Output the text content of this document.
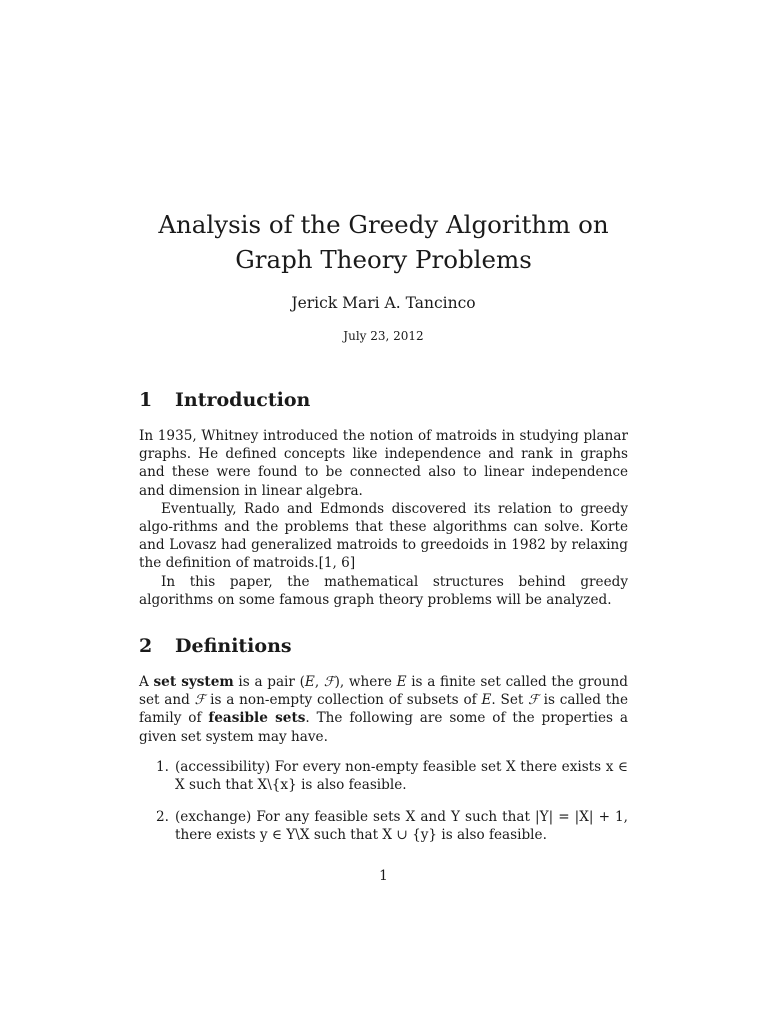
Analysis of the Greedy Algorithm on
Graph Theory Problems
Jerick Mari A. Tancinco
July 23, 2012
1 Introduction

In 1935, Whitney introduced the notion of matroids in studying planar graphs. He defined concepts like independence and rank in graphs and these were found to be connected also to linear independence and dimension in linear algebra.

Eventually, Rado and Edmonds discovered its relation to greedy algo-rithms and the problems that these algorithms can solve. Korte and Lovasz had generalized matroids to greedoids in 1982 by relaxing the definition of matroids.[1, 6]

In this paper, the mathematical structures behind greedy algorithms on some famous graph theory problems will be analyzed.

2 Definitions

A set system is a pair (E, ℱ), where E is a finite set called the ground set and ℱ is a non-empty collection of subsets of E. Set ℱ is called the family of feasible sets. The following are some of the properties a given set system may have.

1. (accessibility) For every non-empty feasible set X there exists x ∈ X such that X\{x} is also feasible.
2. (exchange) For any feasible sets X and Y such that |Y| = |X| + 1, there exists y ∈ Y\X such that X ∪ {y} is also feasible.
1
